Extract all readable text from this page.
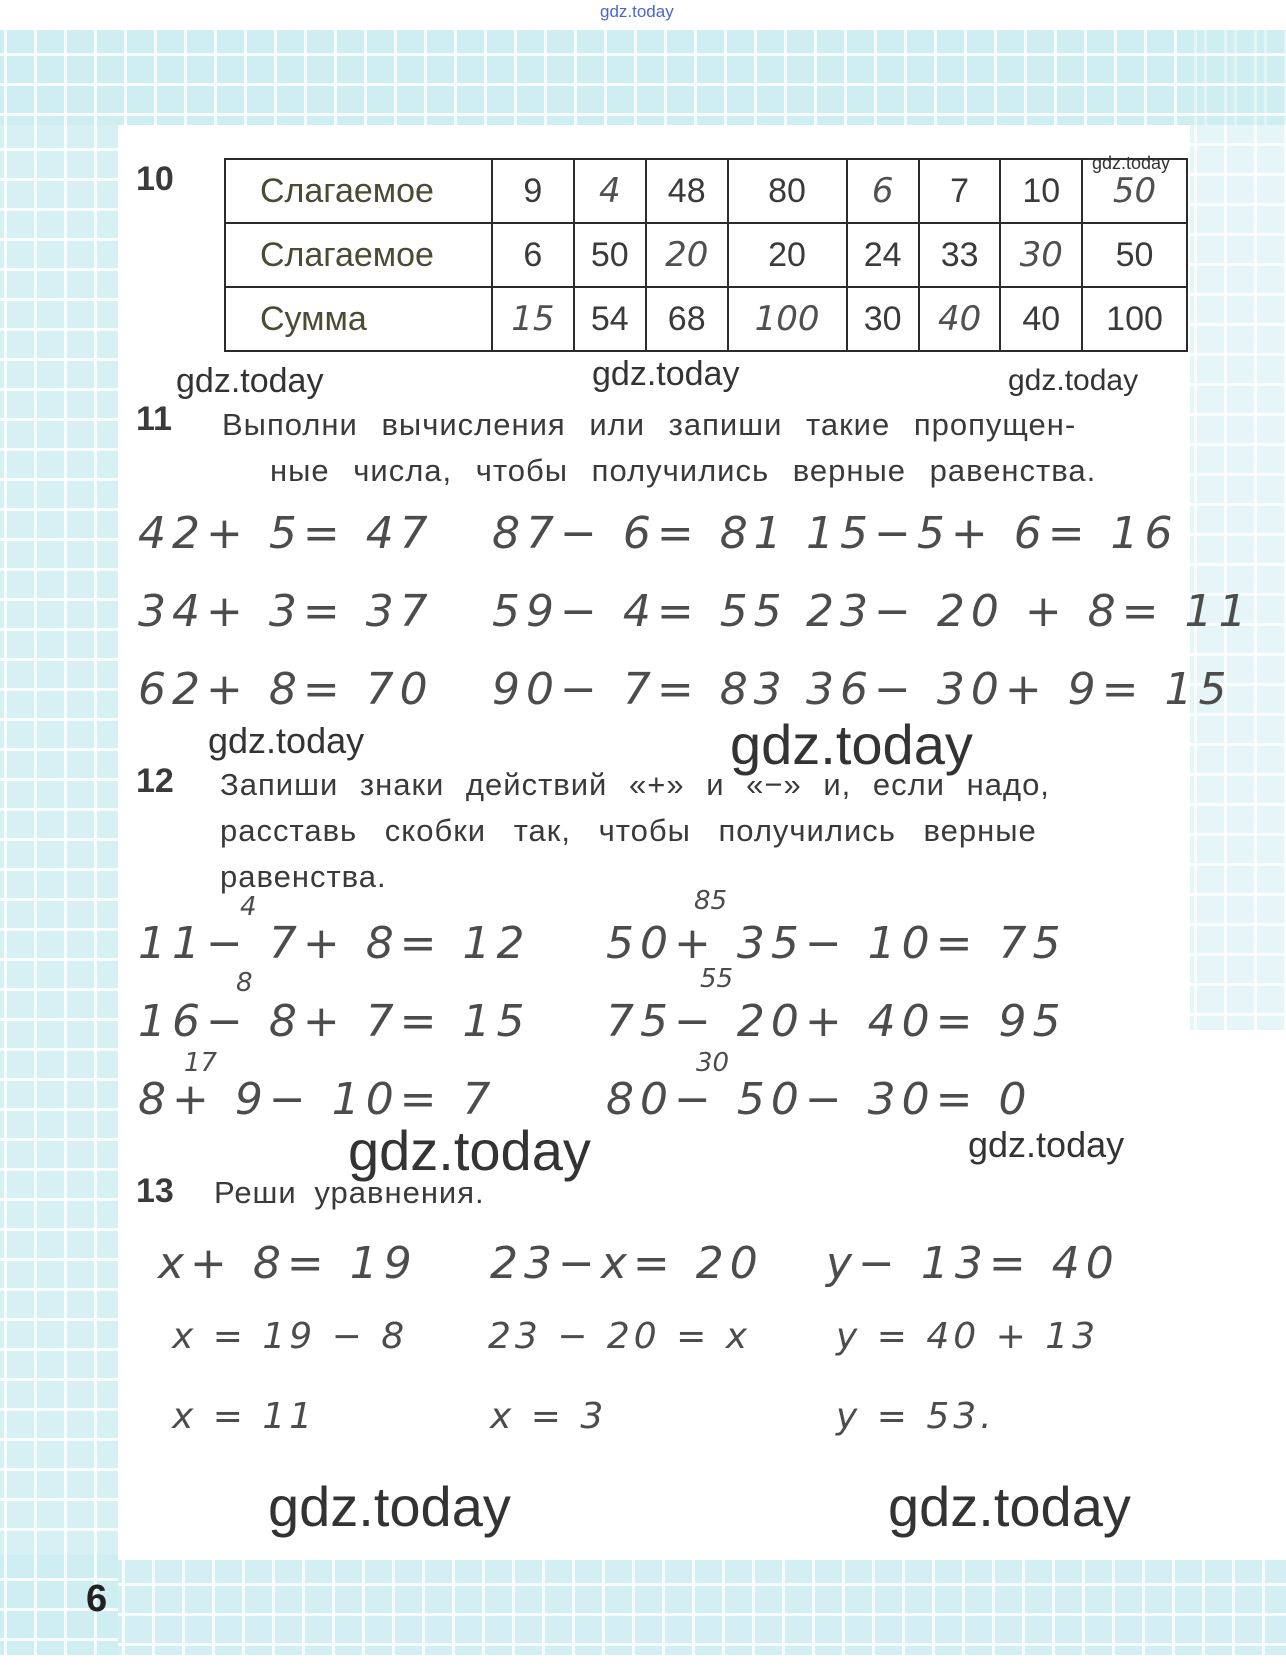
gdz.today
10	Слагаемое	9	4	48	80	6	7	10	50
Слагаемое	6	50	20	20	24	33	30	50
Сумма	15	54	68	100	30	40	40	100
gdz.today
gdz.today	gdz.today	gdz.today
11 Выполни вычисления или запиши такие пропущен-
ные числа, чтобы получились верные равенства.
42+ 5= 47
34+ 3= 37
62+ 8= 70
87− 6= 81
59− 4= 55
90− 7= 83
15−5+ 6= 16
23− 20 + 8= 11
36− 30+ 9= 15
gdz.today	gdz.today
12 Запиши знаки действий «+» и «−» и, если надо,
расставь скобки так, чтобы получились верные
равенства.
4
8
17
85
55
30
11− 7+ 8= 12
16− 8+ 7= 15
8+ 9− 10= 7
50+ 35− 10= 75
75− 20+ 40= 95
80− 50− 30= 0
gdz.today	gdz.today
13 Реши уравнения.
x+ 8= 19
x = 19 − 8
x = 11
23−x= 20
23 − 20 = x
x = 3
y− 13= 40
y = 40 + 13
y = 53.
gdz.today	gdz.today
6
